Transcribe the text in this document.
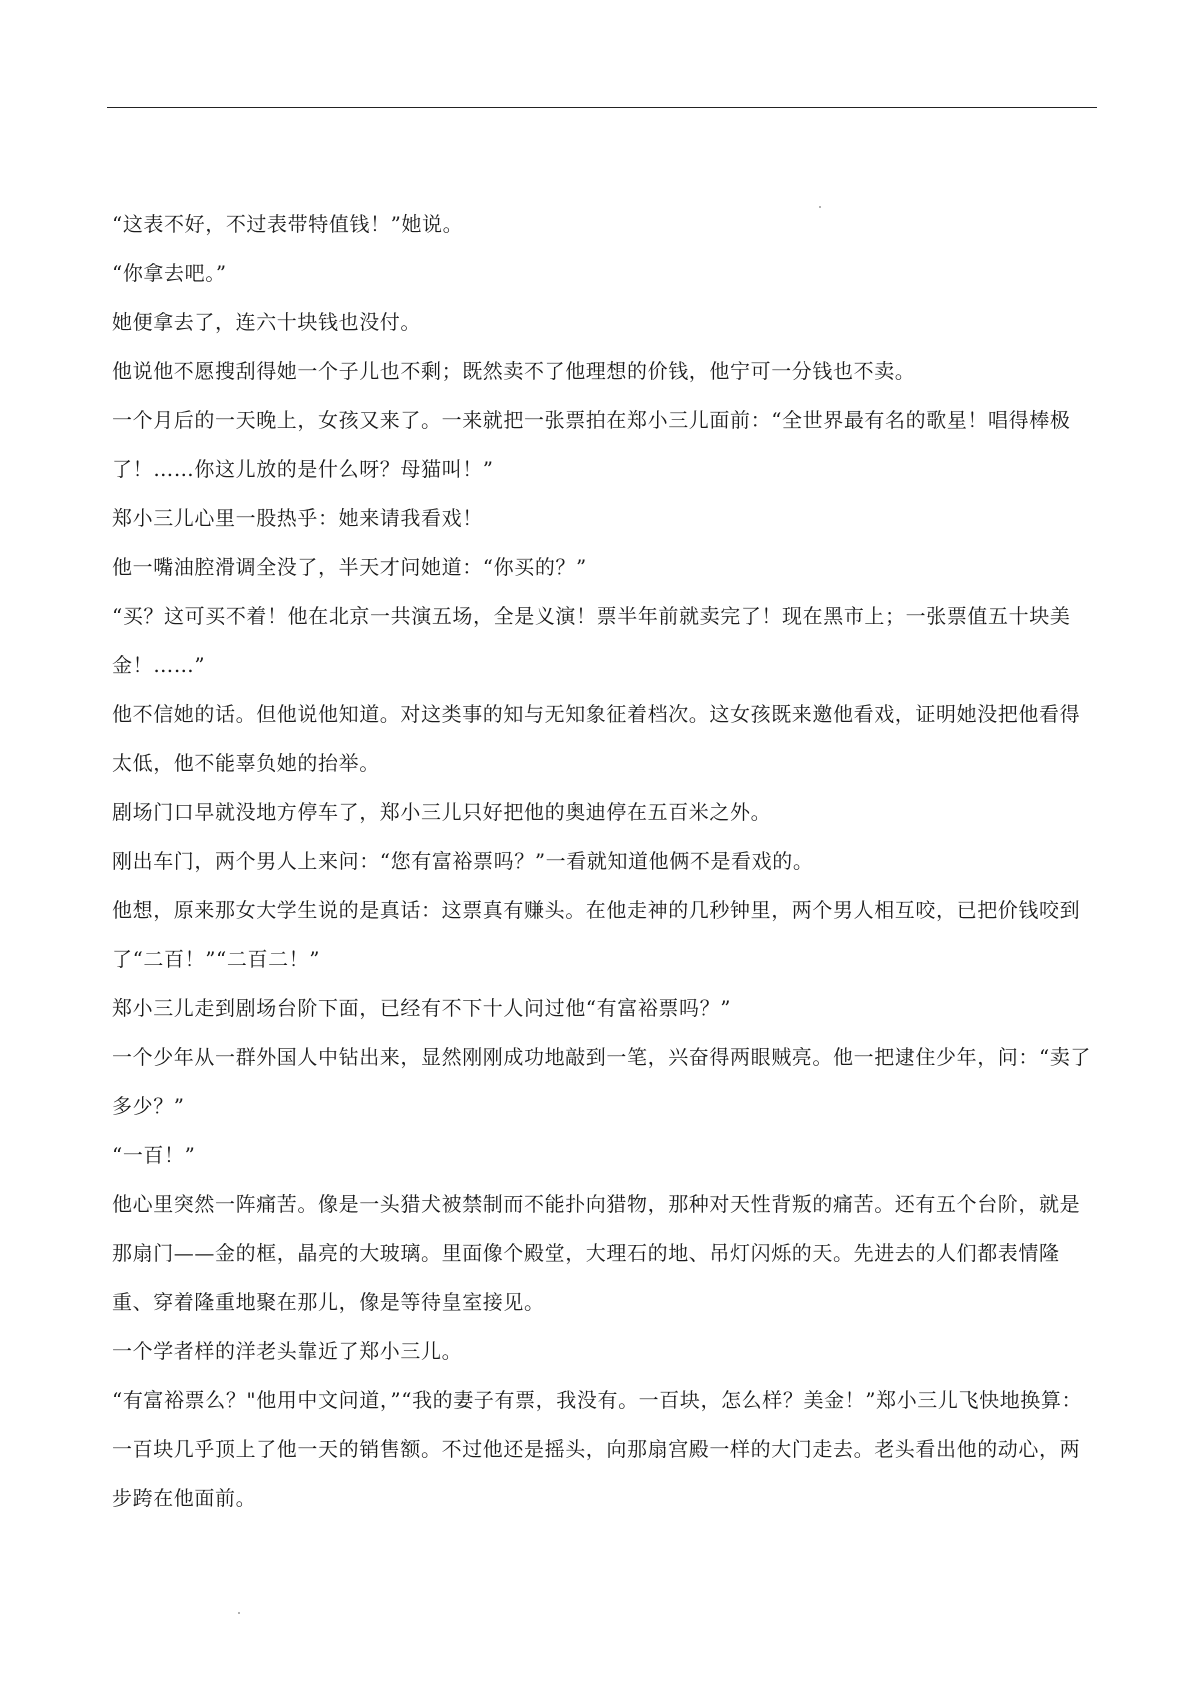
“这表不好，不过表带特值钱！”她说。

“你拿去吧。”

她便拿去了，连六十块钱也没付。

他说他不愿搜刮得她一个子儿也不剩；既然卖不了他理想的价钱，他宁可一分钱也不卖。

一个月后的一天晚上，女孩又来了。一来就把一张票拍在郑小三儿面前：“全世界最有名的歌星！唱得棒极了！……你这儿放的是什么呀？母猫叫！”

郑小三儿心里一股热乎：她来请我看戏！

他一嘴油腔滑调全没了，半天才问她道：“你买的？”

“买？这可买不着！他在北京一共演五场，全是义演！票半年前就卖完了！现在黑市上；一张票值五十块美金！……”

他不信她的话。但他说他知道。对这类事的知与无知象征着档次。这女孩既来邀他看戏，证明她没把他看得太低，他不能辜负她的抬举。

剧场门口早就没地方停车了，郑小三儿只好把他的奥迪停在五百米之外。

刚出车门，两个男人上来问：“您有富裕票吗？”一看就知道他俩不是看戏的。

他想，原来那女大学生说的是真话：这票真有赚头。在他走神的几秒钟里，两个男人相互咬，已把价钱咬到了“二百！”“二百二！”

郑小三儿走到剧场台阶下面，已经有不下十人问过他“有富裕票吗？”

一个少年从一群外国人中钻出来，显然刚刚成功地敲到一笔，兴奋得两眼贼亮。他一把逮住少年，问：“卖了多少？”

“一百！”

他心里突然一阵痛苦。像是一头猎犬被禁制而不能扑向猎物，那种对天性背叛的痛苦。还有五个台阶，就是那扇门——金的框，晶亮的大玻璃。里面像个殿堂，大理石的地、吊灯闪烁的天。先进去的人们都表情隆重、穿着隆重地聚在那儿，像是等待皇室接见。

一个学者样的洋老头靠近了郑小三儿。

“有富裕票么？"他用中文问道，”“我的妻子有票，我没有。一百块，怎么样？美金！”郑小三儿飞快地换算：一百块几乎顶上了他一天的销售额。不过他还是摇头，向那扇宫殿一样的大门走去。老头看出他的动心，两步跨在他面前。
